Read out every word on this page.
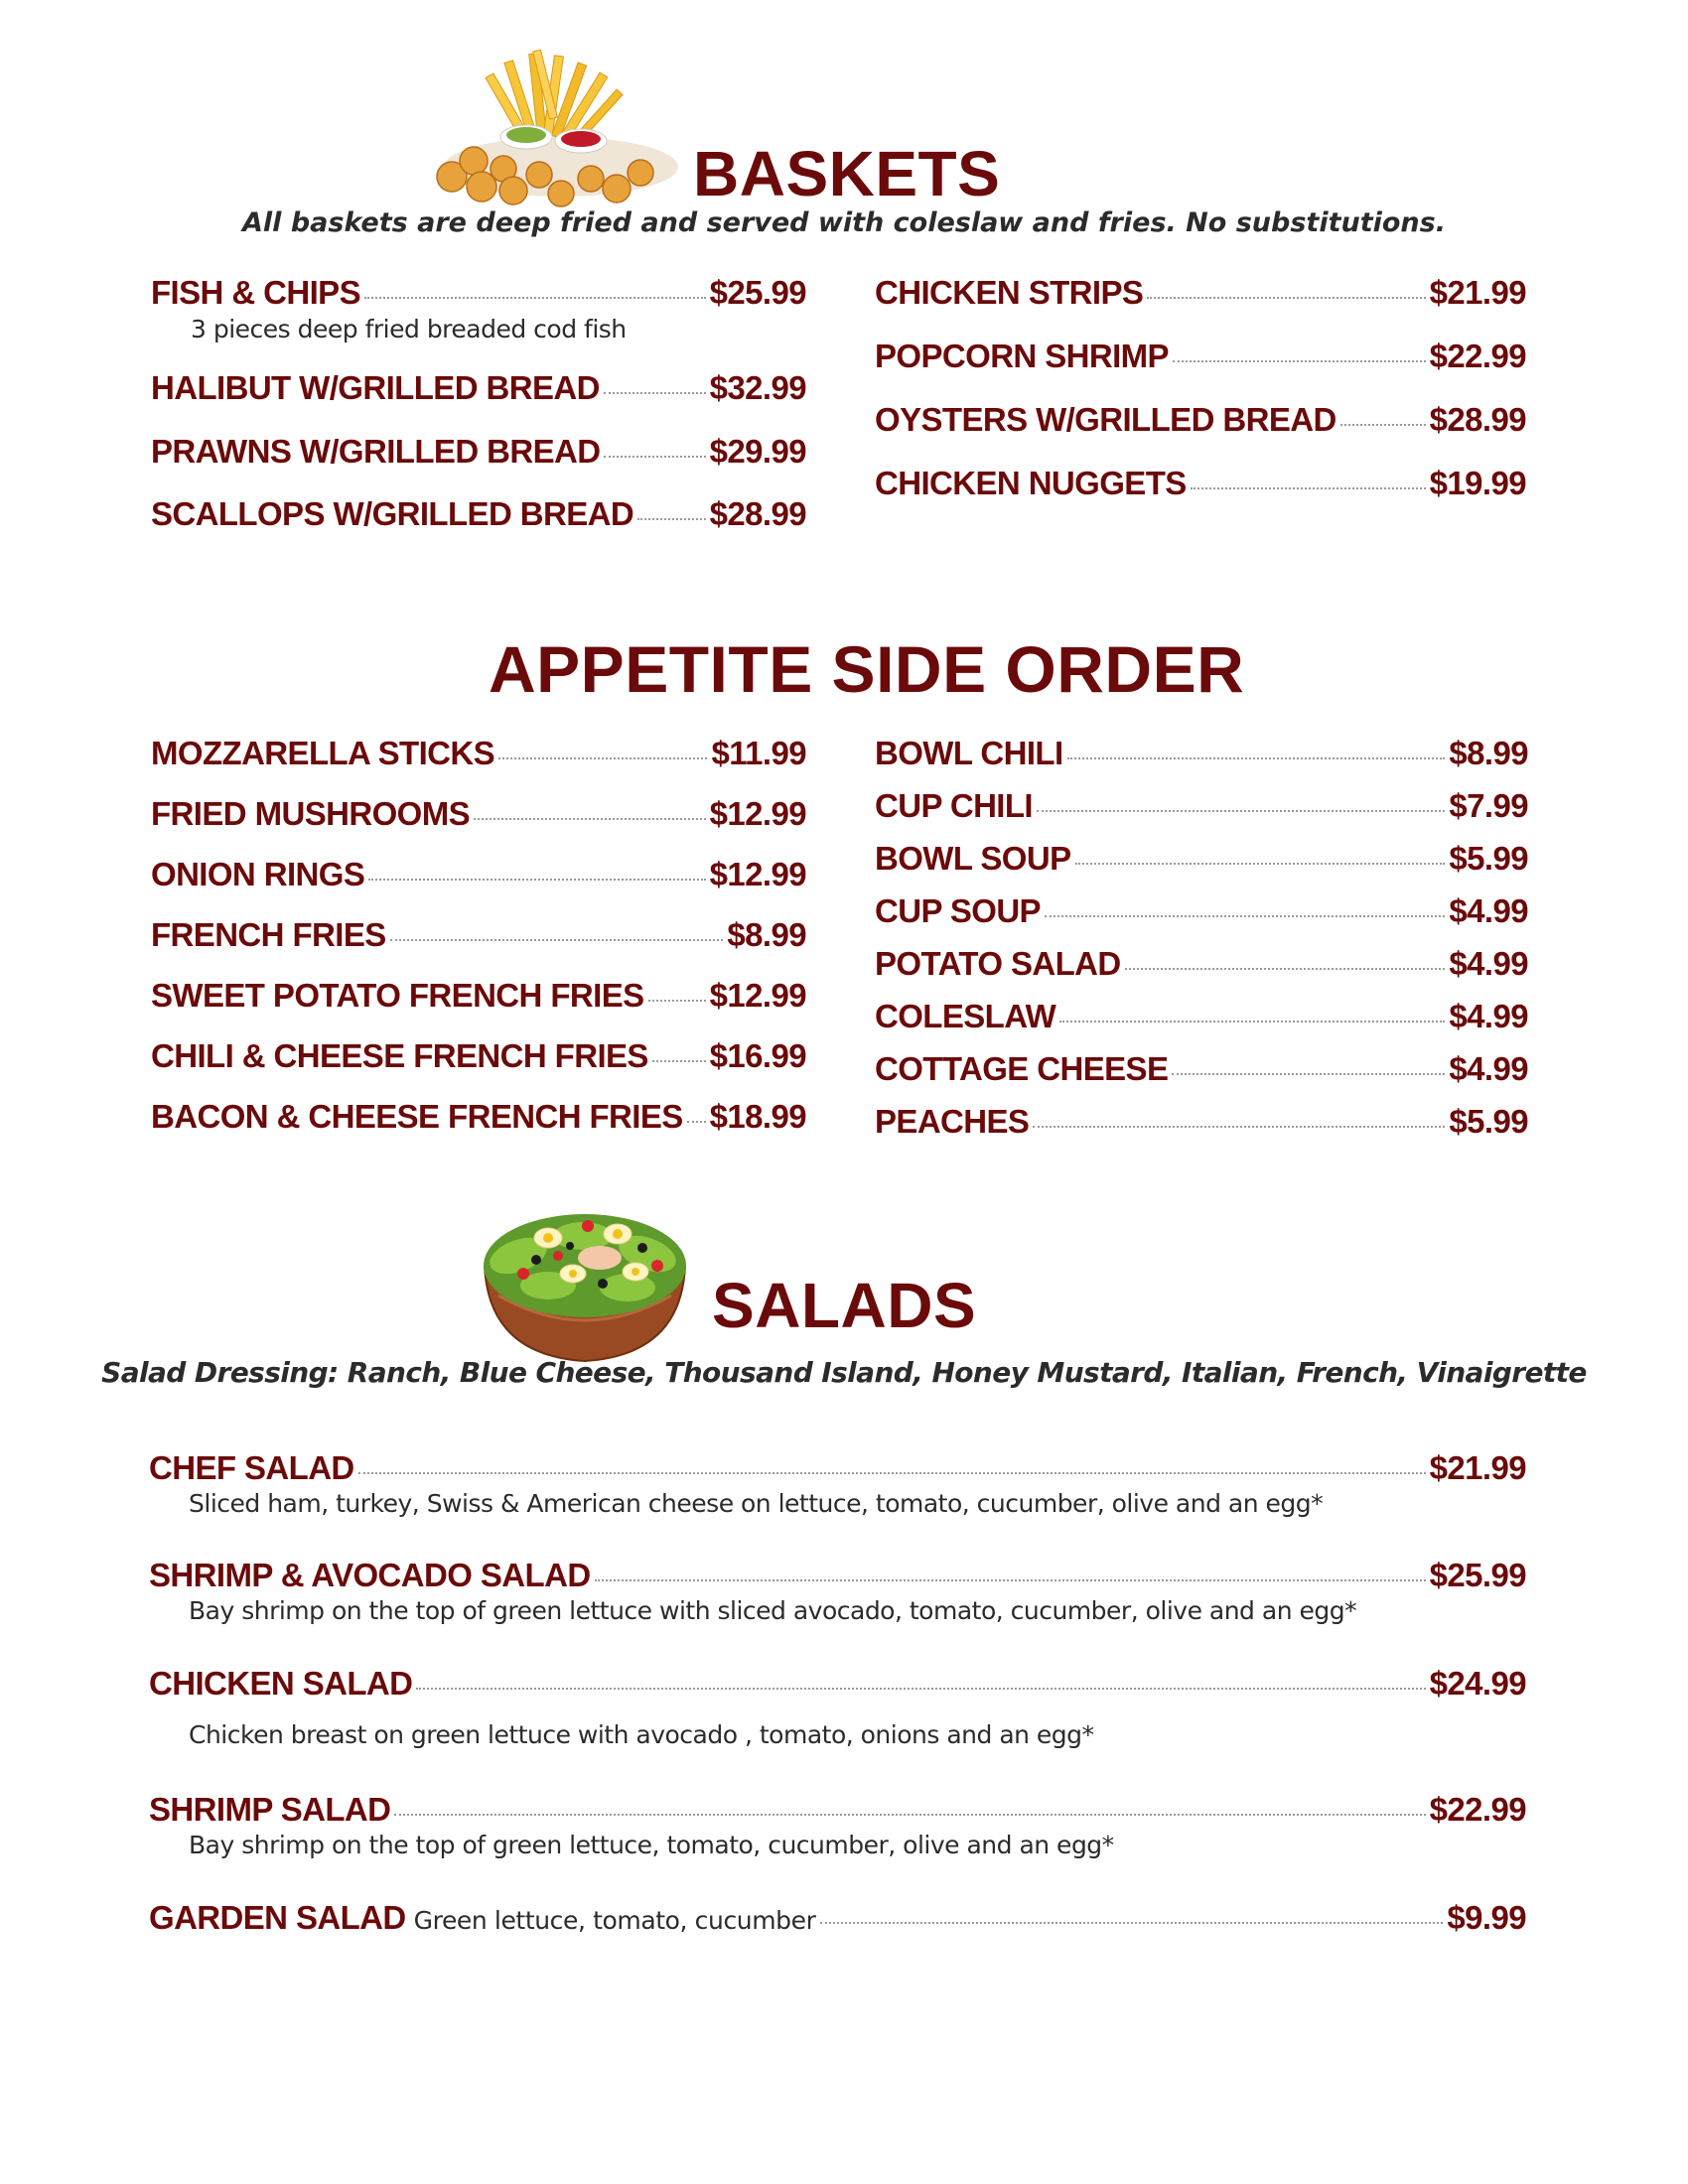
BASKETS
All baskets are deep fried and served with coleslaw and fries. No substitutions.
FISH & CHIPS	$25.99
3 pieces deep fried breaded cod fish
HALIBUT W/GRILLED BREAD	$32.99
PRAWNS W/GRILLED BREAD	$29.99
SCALLOPS W/GRILLED BREAD $28.99
CHICKEN STRIPS	$21.99
POPCORN SHRIMP	$22.99
OYSTERS W/GRILLED BREAD	$28.99
CHICKEN NUGGETS	$19.99
APPETITE SIDE ORDER
MOZZARELLA STICKS	$11.99
FRIED MUSHROOMS	$12.99
ONION RINGS	$12.99
FRENCH FRIES	$8.99
SWEET POTATO FRENCH FRIES $12.99
CHILI & CHEESE FRENCH FRIES $16.99
BACON & CHEESE FRENCH FRIES $18.99
BOWL CHILI	$8.99
CUP CHILI	$7.99
BOWL SOUP	$5.99
CUP SOUP	$4.99
POTATO SALAD	$4.99
COLESLAW	$4.99
COTTAGE CHEESE	$4.99
PEACHES	$5.99
SALADS
Salad Dressing: Ranch, Blue Cheese, Thousand Island, Honey Mustard, Italian, French, Vinaigrette
CHEF SALAD	$21.99
Sliced ham, turkey, Swiss & American cheese on lettuce, tomato, cucumber, olive and an egg*
SHRIMP & AVOCADO SALAD	$25.99
Bay shrimp on the top of green lettuce with sliced avocado, tomato, cucumber, olive and an egg*
CHICKEN SALAD	$24.99
Chicken breast on green lettuce with avocado , tomato, onions and an egg*
SHRIMP SALAD	$22.99
Bay shrimp on the top of green lettuce, tomato, cucumber, olive and an egg*
GARDEN SALAD Green lettuce, tomato, cucumber	$9.99
